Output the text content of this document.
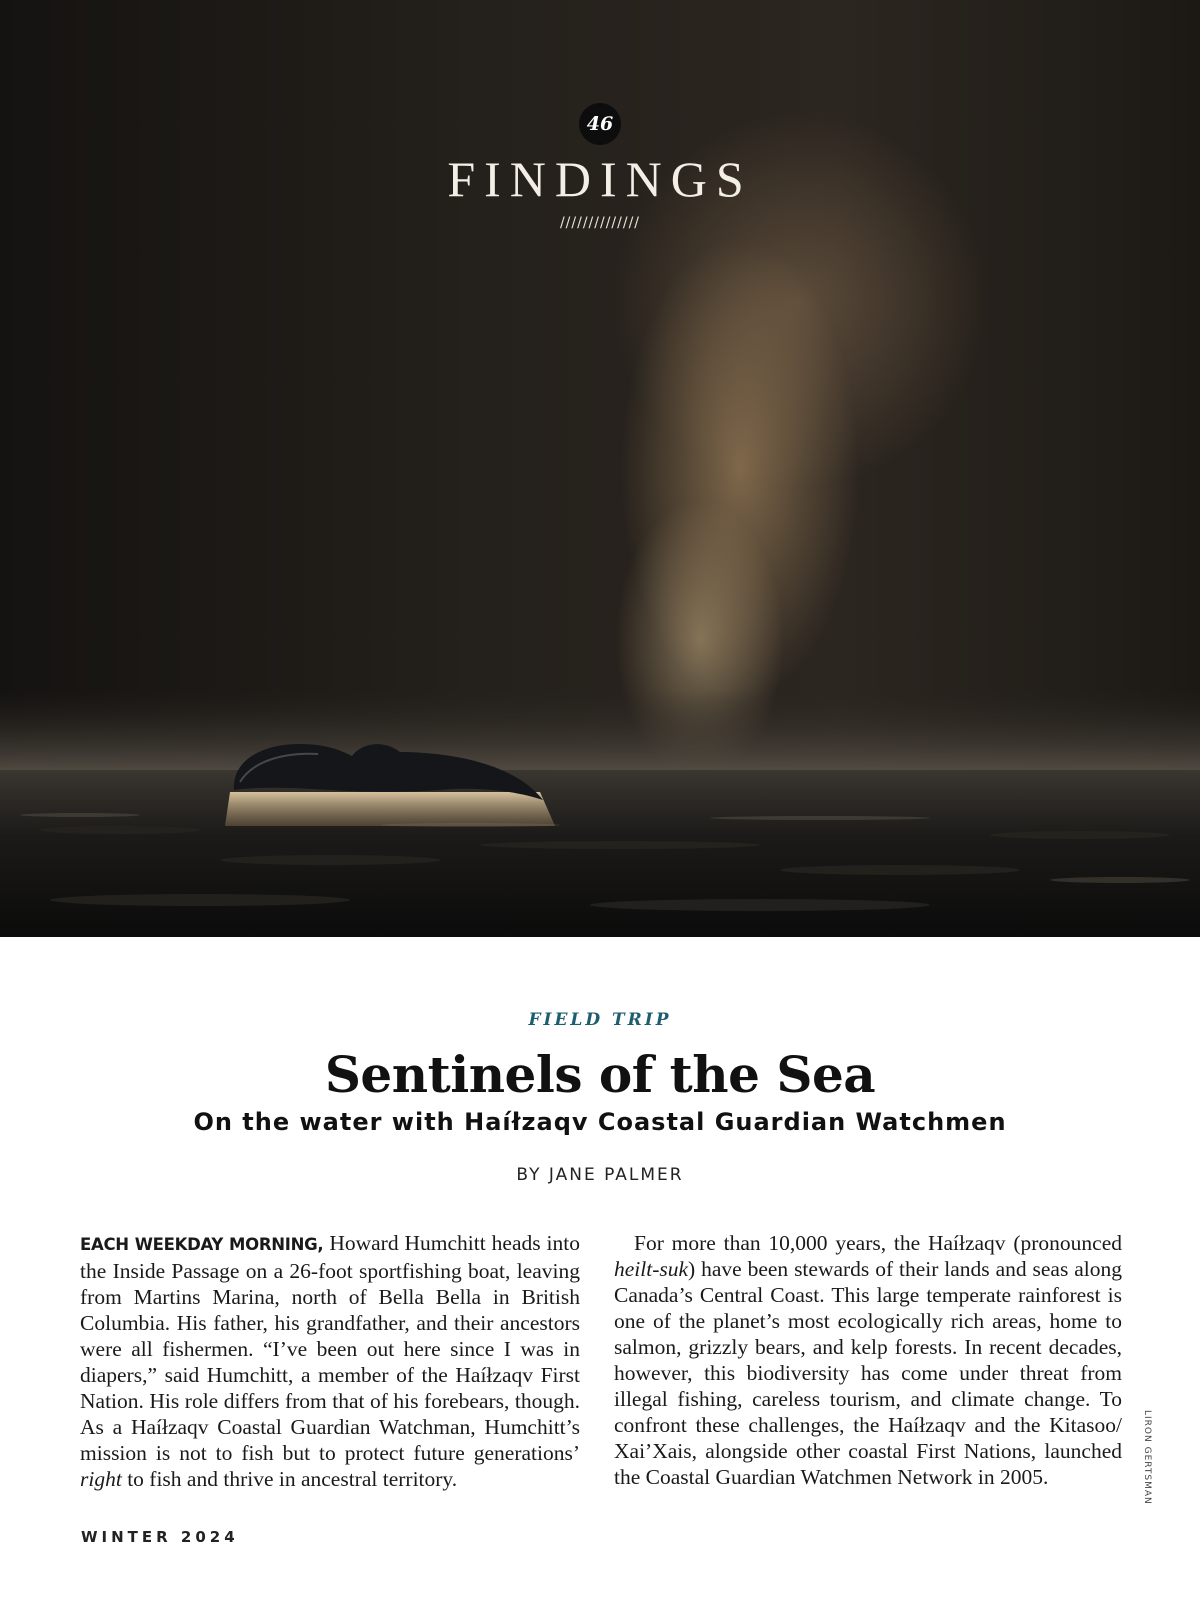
46
FINDINGS
//////////////
FIELD TRIP
Sentinels of the Sea
On the water with Haíłzaqv Coastal Guardian Watchmen
BY JANE PALMER

EACH WEEKDAY MORNING, Howard Humchitt heads into the Inside Passage on a 26-foot sportfishing boat, leaving from Martins Marina, north of Bella Bella in British Columbia. His father, his grandfather, and their ancestors were all fishermen. “I’ve been out here since I was in diapers,” said Humchitt, a member of the Haíłzaqv First Nation. His role differs from that of his forebears, though. As a Haíłzaqv Coastal Guardian Watchman, Humchitt’s mission is not to fish but to protect future generations’ right to fish and thrive in ancestral territory.

For more than 10,000 years, the Haíłzaqv (pronounced heilt-suk) have been stewards of their lands and seas along Canada’s Central Coast. This large temperate rainforest is one of the planet’s most ecologically rich areas, home to salmon, grizzly bears, and kelp forests. In recent decades, however, this biodiversity has come under threat from illegal fishing, careless tourism, and climate change. To confront these challenges, the Haíłzaqv and the Kitasoo/ Xai’Xais, alongside other coastal First Nations, launched the Coastal Guardian Watchmen Network in 2005.	LIRON GERTSMAN
WINTER 2024
